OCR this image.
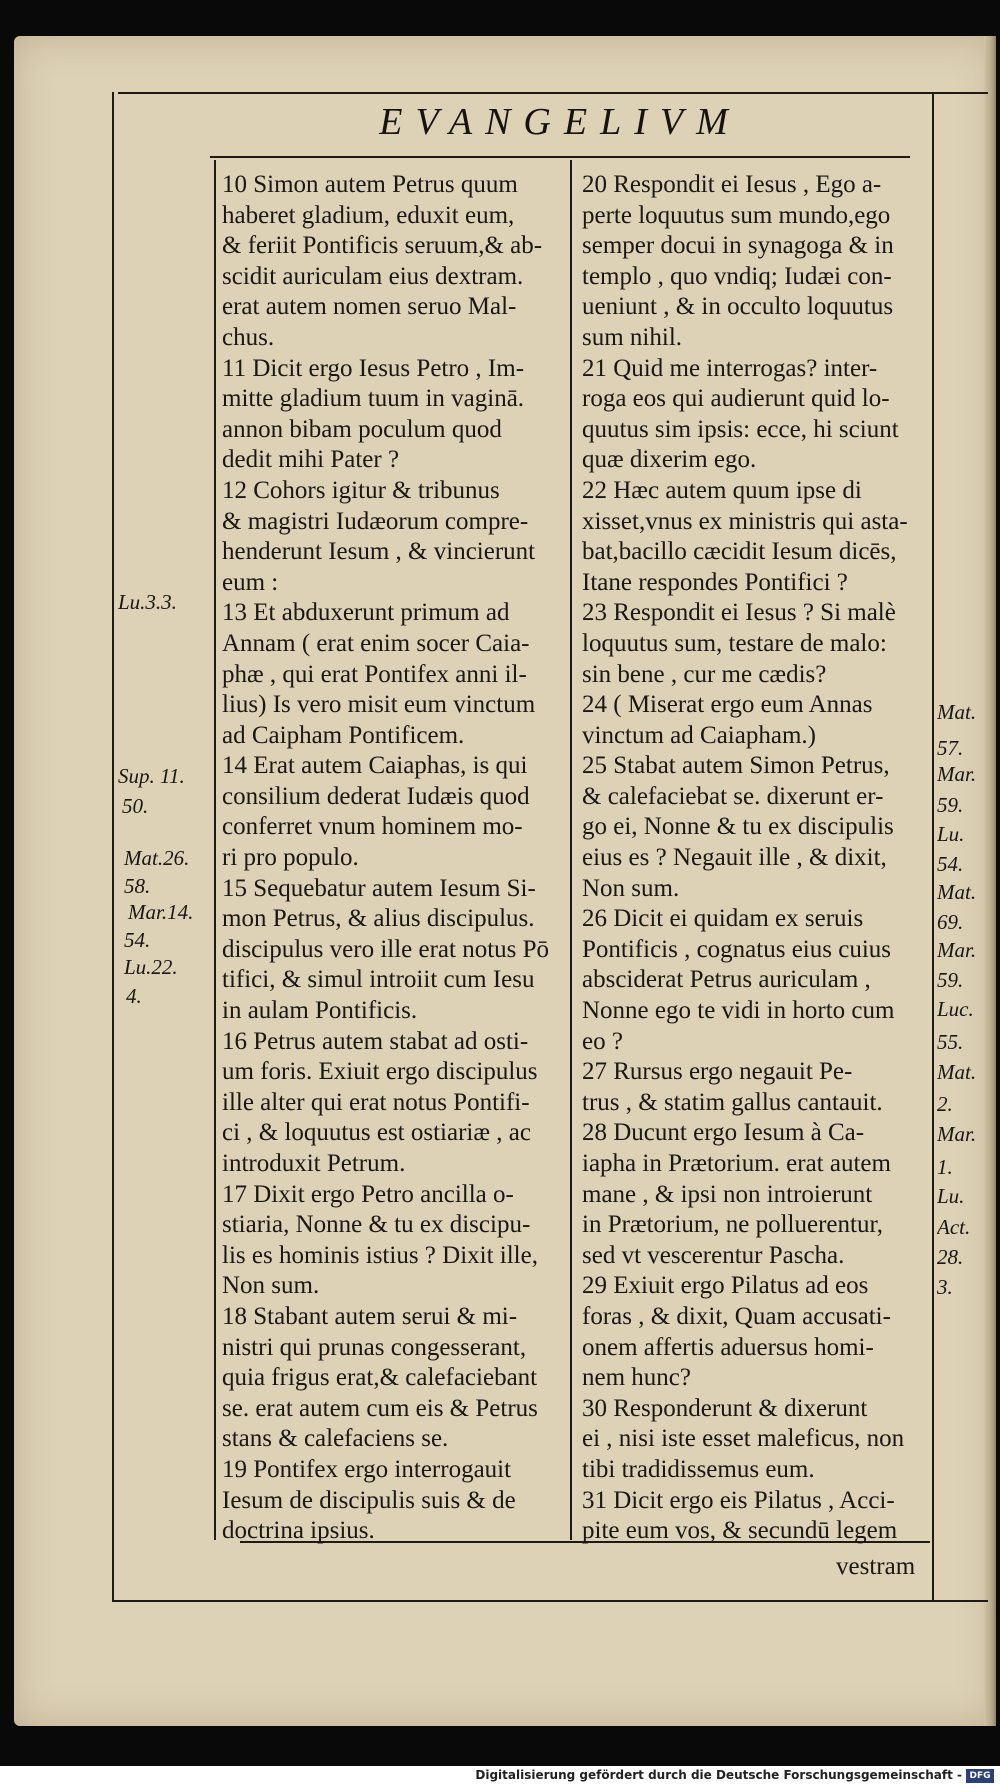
EVANGELIVM

10 Simon autem Petrus quum

haberet gladium, eduxit eum,

& feriit Pontificis seruum,& ab-

scidit auriculam eius dextram.

erat autem nomen seruo Mal-

chus.

11 Dicit ergo Iesus Petro , Im-

mitte gladium tuum in vaginā.

annon bibam poculum quod

dedit mihi Pater ?

12 Cohors igitur & tribunus

& magistri Iudæorum compre-

henderunt Iesum , & vincierunt

eum :

13 Et abduxerunt primum ad

Annam ( erat enim socer Caia-

phæ , qui erat Pontifex anni il-

lius) Is vero misit eum vinctum

ad Caipham Pontificem.

14 Erat autem Caiaphas, is qui

consilium dederat Iudæis quod

conferret vnum hominem mo-

ri pro populo.

15 Sequebatur autem Iesum Si-

mon Petrus, & alius discipulus.

discipulus vero ille erat notus Pō

tifici, & simul introiit cum Iesu

in aulam Pontificis.

16 Petrus autem stabat ad osti-

um foris. Exiuit ergo discipulus

ille alter qui erat notus Pontifi-

ci , & loquutus est ostiariæ , ac

introduxit Petrum.

17 Dixit ergo Petro ancilla o-

stiaria, Nonne & tu ex discipu-

lis es hominis istius ? Dixit ille,

Non sum.

18 Stabant autem serui & mi-

nistri qui prunas congesserant,

quia frigus erat,& calefaciebant

se. erat autem cum eis & Petrus

stans & calefaciens se.

19 Pontifex ergo interrogauit

Iesum de discipulis suis & de

doctrina ipsius.

20 Respondit ei Iesus , Ego a-

perte loquutus sum mundo,ego

semper docui in synagoga & in

templo , quo vndiq; Iudæi con-

ueniunt , & in occulto loquutus

sum nihil.

21 Quid me interrogas? inter-

roga eos qui audierunt quid lo-

quutus sim ipsis: ecce, hi sciunt

quæ dixerim ego.

22 Hæc autem quum ipse di

xisset,vnus ex ministris qui asta-

bat,bacillo cæcidit Iesum dicēs,

Itane respondes Pontifici ?

23 Respondit ei Iesus ? Si malè

loquutus sum, testare de malo:

sin bene , cur me cædis?

24 ( Miserat ergo eum Annas

vinctum ad Caiapham.)

25 Stabat autem Simon Petrus,

& calefaciebat se. dixerunt er-

go ei, Nonne & tu ex discipulis

eius es ? Negauit ille , & dixit,

Non sum.

26 Dicit ei quidam ex seruis

Pontificis , cognatus eius cuius

absciderat Petrus auriculam ,

Nonne ego te vidi in horto cum

eo ?

27 Rursus ergo negauit Pe-

trus , & statim gallus cantauit.

28 Ducunt ergo Iesum à Ca-

iapha in Prætorium. erat autem

mane , & ipsi non introierunt

in Prætorium, ne polluerentur,

sed vt vescerentur Pascha.

29 Exiuit ergo Pilatus ad eos

foras , & dixit, Quam accusati-

onem affertis aduersus homi-

nem hunc?

30 Responderunt & dixerunt

ei , nisi iste esset maleficus, non

tibi tradidissemus eum.

31 Dicit ergo eis Pilatus , Acci-

pite eum vos, & secundū legem

Lu.3.3.
Sup. 11.
50.
Mat.26.
58.
Mar.14.
54.
Lu.22.
4.
Mat.
57.
Mar.
59.
Lu.
54.
Mat.
69.
Mar.
59.
Luc.
55.
Mat.
2.
Mar.
1.
Lu.
Act.
28.
3.
vestram
Digitalisierung gefördert durch die Deutsche Forschungsgemeinschaft - DFG
